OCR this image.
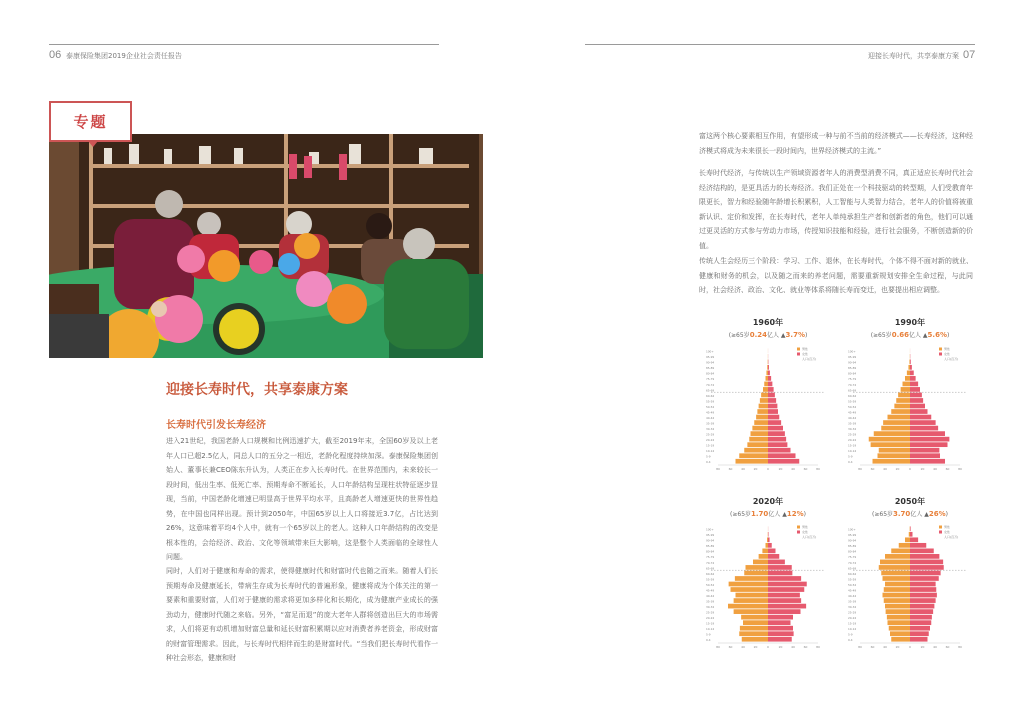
06 泰康保险集团2019企业社会责任报告	迎接长寿时代，共享泰康方案 07
专题
迎接长寿时代，共享泰康方案
长寿时代引发长寿经济

进入21世纪，我国老龄人口规模和比例迅速扩大，截至2019年末，全国60岁及以上老年人口已超2.5亿人，同总人口的五分之一相近，老龄化程度持续加深。泰康保险集团创始人、董事长兼CEO陈东升认为，人类正在步入长寿时代。在世界范围内，未来较长一段时间，低出生率、低死亡率、预期寿命不断延长，人口年龄结构呈现柱状特征逐步显现，当前，中国老龄化增速已明显高于世界平均水平，且高龄老人增速更快的世界性趋势，在中国也同样出现。预计到2050年，中国65岁以上人口将接近3.7亿，占比达到26%，这意味着平均4个人中，就有一个65岁以上的老人。这种人口年龄结构的改变是根本性的，会给经济、政治、文化等领域带来巨大影响，这是整个人类面临的全球性人问题。

同时，人们对于健康和寿命的需求，使得健康时代和财富时代也随之而来。随着人们长预期寿命及健康延长，带病生存成为长寿时代的普遍形象，健康将成为个体关注的第一要素和重要财富，人们对于健康的需求将更加多样化和长期化，成为健康产业成长的强劲动力，健康时代随之来临。另外，“富足而退”的庞大老年人群将创造出巨大的市场需求，人们将更有动机增加财富总量和延长财富积累期以应对消费者养老资金，形成财富的财富管理需求。因此，与长寿时代相伴而生的是财富时代。“当我们把长寿时代看作一种社会形态，健康和财

富这两个核心要素相互作用，有望形成一种与前不当前的经济模式——长寿经济，这种经济模式将成为未来很长一段时间内，世界经济模式的主流。”

长寿时代经济，与传统以生产领域资源者年人的消费型消费不同，真正适应长寿时代社会经济结构的，是更具活力的长寿经济。我们正处在一个科技驱动的转型期，人们受教育年限更长，智力和经验随年龄增长积累积，人工智能与人类智力结合，老年人的价值将被重新认识、定价和发挥，在长寿时代，老年人单纯承担生产者和创新者的角色，他们可以通过更灵活的方式参与劳动力市场，传授知识技能和经验，进行社会服务，不断创造新的价值。

传统人生会经历三个阶段：学习、工作、退休，在长寿时代，个体不得不面对新的就业、健康和财务的机会，以及随之而来的养老问题，需要重新规划安排全生命过程，与此同时，社会经济、政治、文化、就业等体系将随长寿而变迁，也要提出相应调整。

1960年
(≥65岁0.24亿人 ▲3.7%)
0-4
5-9
10-14
15-19
20-24
25-29
30-34
35-39
40-44
45-49
50-54
55-59
60-64
65-69
70-74
75-79
80-84
85-89
90-94
95-99
100+
80	60	40	20	0	20	40	60	80
男性
女性
人口(百万)
1990年
(≥65岁0.66亿人 ▲5.6%)
0-4
5-9
10-14
15-19
20-24
25-29
30-34
35-39
40-44
45-49
50-54
55-59
60-64
65-69
70-74
75-79
80-84
85-89
90-94
95-99
100+
80	60	40	20	0	20	40	60	80
男性
女性
人口(百万)
2020年
(≥65岁1.70亿人 ▲12%)
0-4
5-9
10-14
15-19
20-24
25-29
30-34
35-39
40-44
45-49
50-54
55-59
60-64
65-69
70-74
75-79
80-84
85-89
90-94
95-99
100+
80	60	40	20	0	20	40	60	80
男性
女性
人口(百万)
2050年
(≥65岁3.70亿人 ▲26%)
0-4
5-9
10-14
15-19
20-24
25-29
30-34
35-39
40-44
45-49
50-54
55-59
60-64
65-69
70-74
75-79
80-84
85-89
90-94
95-99
100+
80	60	40	20	0	20	40	60	80
男性
女性
人口(百万)
